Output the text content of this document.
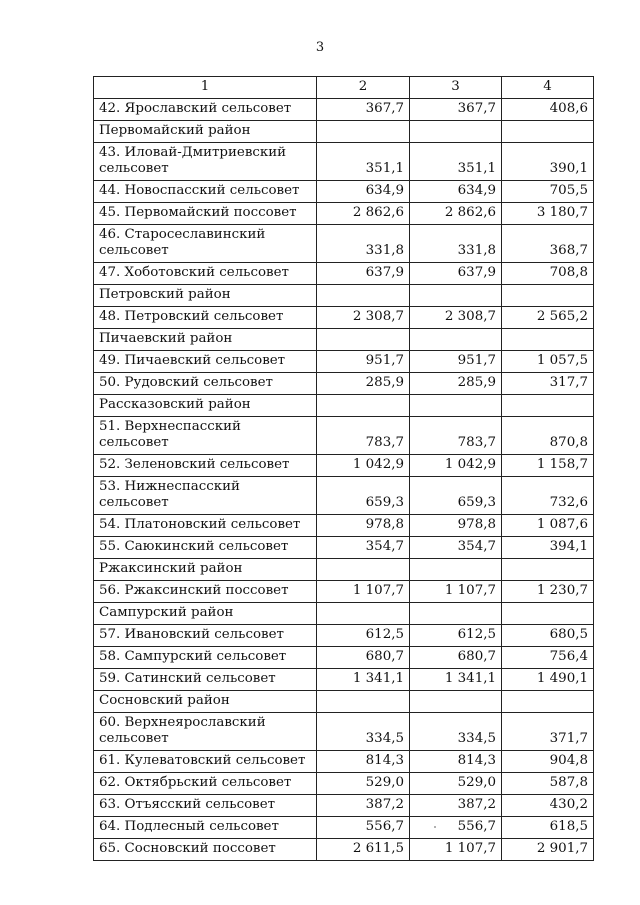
3
1	2	3	4
42. Ярославский сельсовет	367,7	367,7	408,6
Первомайский район			
43. Иловай-Дмитриевский сельсовет	351,1	351,1	390,1
44. Новоспасский сельсовет	634,9	634,9	705,5
45. Первомайский поссовет	2 862,6	2 862,6	3 180,7
46. Старосеславинский сельсовет	331,8	331,8	368,7
47. Хоботовский сельсовет	637,9	637,9	708,8
Петровский район			
48. Петровский сельсовет	2 308,7	2 308,7	2 565,2
Пичаевский район			
49. Пичаевский сельсовет	951,7	951,7	1 057,5
50. Рудовский сельсовет	285,9	285,9	317,7
Рассказовский район			
51. Верхнеспасский сельсовет	783,7	783,7	870,8
52. Зеленовский сельсовет	1 042,9	1 042,9	1 158,7
53. Нижнеспасский сельсовет	659,3	659,3	732,6
54. Платоновский сельсовет	978,8	978,8	1 087,6
55. Саюкинский сельсовет	354,7	354,7	394,1
Ржаксинский район			
56. Ржаксинский поссовет	1 107,7	1 107,7	1 230,7
Сампурский район			
57. Ивановский сельсовет	612,5	612,5	680,5
58. Сампурский сельсовет	680,7	680,7	756,4
59. Сатинский сельсовет	1 341,1	1 341,1	1 490,1
Сосновский район			
60. Верхнеярославский сельсовет	334,5	334,5	371,7
61. Кулеватовский сельсовет	814,3	814,3	904,8
62. Октябрьский сельсовет	529,0	529,0	587,8
63. Отъясский сельсовет	387,2	387,2	430,2
64. Подлесный сельсовет	556,7	556,7	618,5
65. Сосновский поссовет	2 611,5	1 107,7	2 901,7
